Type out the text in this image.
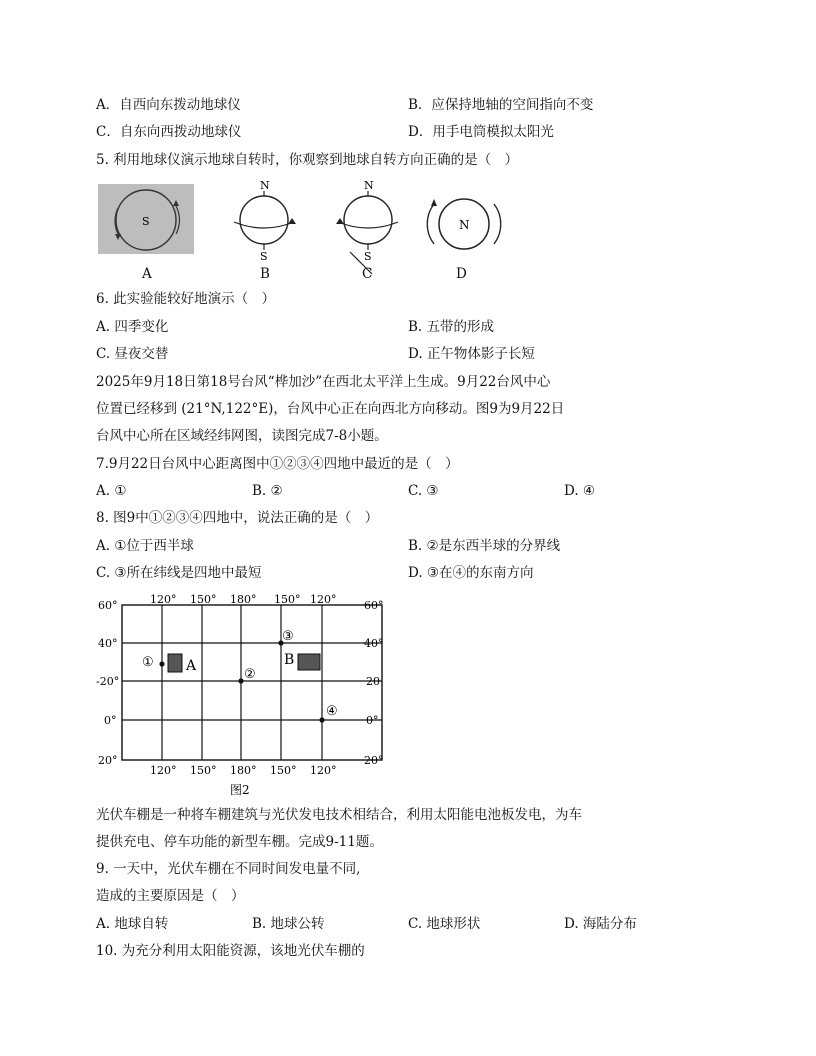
A．自西向东拨动地球仪	B．应保持地轴的空间指向不变
C．自东向西拨动地球仪	D．用手电筒模拟太阳光
5. 利用地球仪演示地球自转时，你观察到地球自转方向正确的是（　）
S
A
N
S
B
N
S
C
N
D
6. 此实验能较好地演示（　）
A. 四季变化	B. 五带的形成
C. 昼夜交替	D. 正午物体影子长短
2025年9月18日第18号台风“桦加沙”在西北太平洋上生成。9月22台风中心
位置已经移到 (21°N,122°E)，台风中心正在向西北方向移动。图9为9月22日
台风中心所在区域经纬网图，读图完成7-8小题。
7.9月22日台风中心距离图中①②③④四地中最近的是（　）
A. ①	B. ②	C. ③	D. ④
8. 图9中①②③④四地中，说法正确的是（　）
A. ①位于西半球	B. ②是东西半球的分界线
C. ③所在纬线是四地中最短	D. ③在④的东南方向
120° 150° 180° 150° 120°
120° 150° 180° 150° 120°
60°
40°
-20°
0°
20°
60°
40°
20
0°
20°
① A
②
③
B
④
图2
光伏车棚是一种将车棚建筑与光伏发电技术相结合，利用太阳能电池板发电，为车
提供充电、停车功能的新型车棚。完成9-11题。
9. 一天中，光伏车棚在不同时间发电量不同,
造成的主要原因是（　）
A. 地球自转	B. 地球公转	C. 地球形状	D. 海陆分布
10. 为充分利用太阳能资源，该地光伏车棚的
